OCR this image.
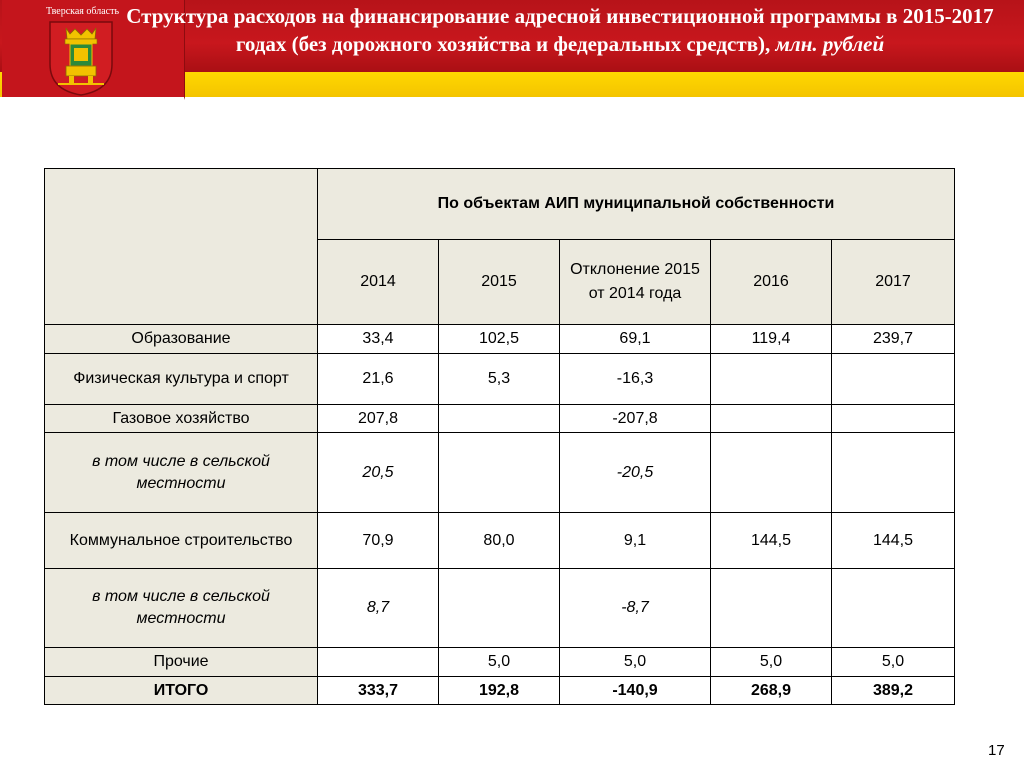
Тверская область Структура расходов на финансирование адресной инвестиционной программы в 2015-2017 годах (без дорожного хозяйства и федеральных средств), млн. рублей
	По объектам АИП муниципальной собственности				
	2014	2015	Отклонение 2015 от 2014 года	2016	2017
Образование	33,4	102,5	69,1	119,4	239,7
Физическая культура и спорт	21,6	5,3	-16,3		
Газовое хозяйство	207,8		-207,8		
в том числе в сельской местности	20,5		-20,5		
Коммунальное строительство	70,9	80,0	9,1	144,5	144,5
в том числе в сельской местности	8,7		-8,7		
Прочие		5,0	5,0	5,0	5,0
ИТОГО	333,7	192,8	-140,9	268,9	389,2
17
